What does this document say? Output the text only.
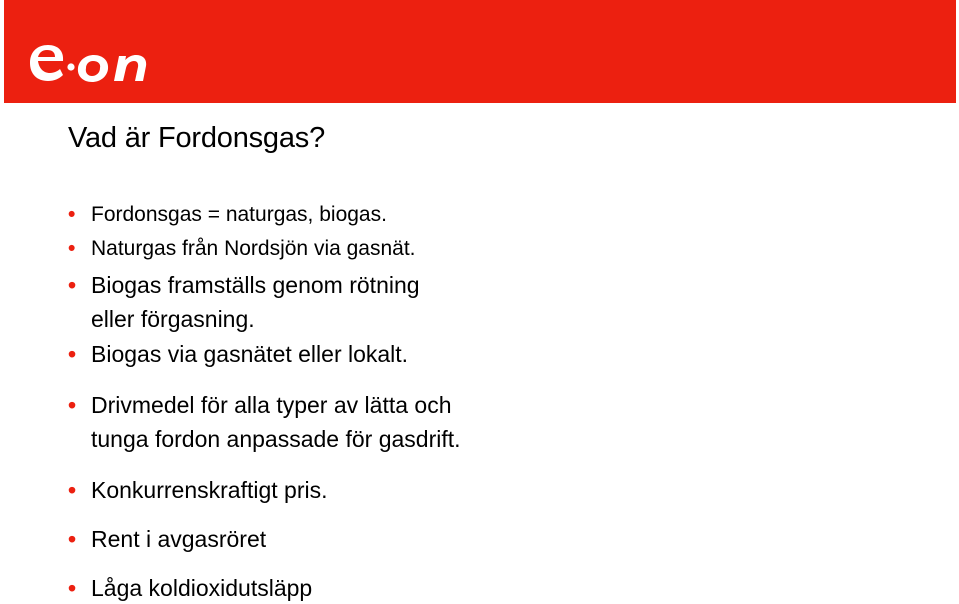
Vad är Fordonsgas?
• Fordonsgas = naturgas, biogas.
• Naturgas från Nordsjön via gasnät.
• Biogas framställs genom rötning
eller förgasning.
• Biogas via gasnätet eller lokalt.
• Drivmedel för alla typer av lätta och
tunga fordon anpassade för gasdrift.
• Konkurrenskraftigt pris.
• Rent i avgasröret
• Låga koldioxidutsläpp
